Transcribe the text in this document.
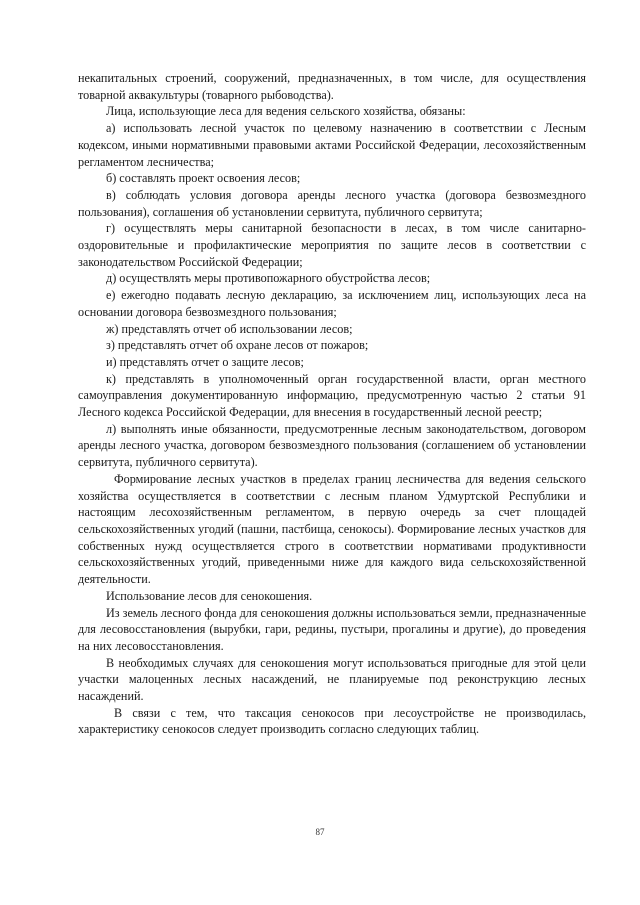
некапитальных строений, сооружений, предназначенных, в том числе, для осуществления товарной аквакультуры (товарного рыбоводства).

Лица, использующие леса для ведения сельского хозяйства, обязаны:

а) использовать лесной участок по целевому назначению в соответствии с Лесным кодексом, иными нормативными правовыми актами Российской Федерации, лесохозяйственным регламентом лесничества;

б) составлять проект освоения лесов;

в) соблюдать условия договора аренды лесного участка (договора безвозмездного пользования), соглашения об установлении сервитута, публичного сервитута;

г) осуществлять меры санитарной безопасности в лесах, в том числе санитарно-оздоровительные и профилактические мероприятия по защите лесов в соответствии с законодательством Российской Федерации;

д) осуществлять меры противопожарного обустройства лесов;

е) ежегодно подавать лесную декларацию, за исключением лиц, использующих леса на основании договора безвозмездного пользования;

ж) представлять отчет об использовании лесов;

з) представлять отчет об охране лесов от пожаров;

и) представлять отчет о защите лесов;

к) представлять в уполномоченный орган государственной власти, орган местного самоуправления документированную информацию, предусмотренную частью 2 статьи 91 Лесного кодекса Российской Федерации, для внесения в государственный лесной реестр;

л) выполнять иные обязанности, предусмотренные лесным законодательством, договором аренды лесного участка, договором безвозмездного пользования (соглашением об установлении сервитута, публичного сервитута).

Формирование лесных участков в пределах границ лесничества для ведения сельского хозяйства осуществляется в соответствии с лесным планом Удмуртской Республики и настоящим лесохозяйственным регламентом, в первую очередь за счет площадей сельскохозяйственных угодий (пашни, пастбища, сенокосы). Формирование лесных участков для собственных нужд осуществляется строго в соответствии нормативами продуктивности сельскохозяйственных угодий, приведенными ниже для каждого вида сельскохозяйственной деятельности.

Использование лесов для сенокошения.

Из земель лесного фонда для сенокошения должны использоваться земли, предназначенные для лесовосстановления (вырубки, гари, редины, пустыри, прогалины и другие), до проведения на них лесовосстановления.

В необходимых случаях для сенокошения могут использоваться пригодные для этой цели участки малоценных лесных насаждений, не планируемые под реконструкцию лесных насаждений.

В связи с тем, что таксация сенокосов при лесоустройстве не производилась, характеристику сенокосов следует производить согласно следующих таблиц.

87
